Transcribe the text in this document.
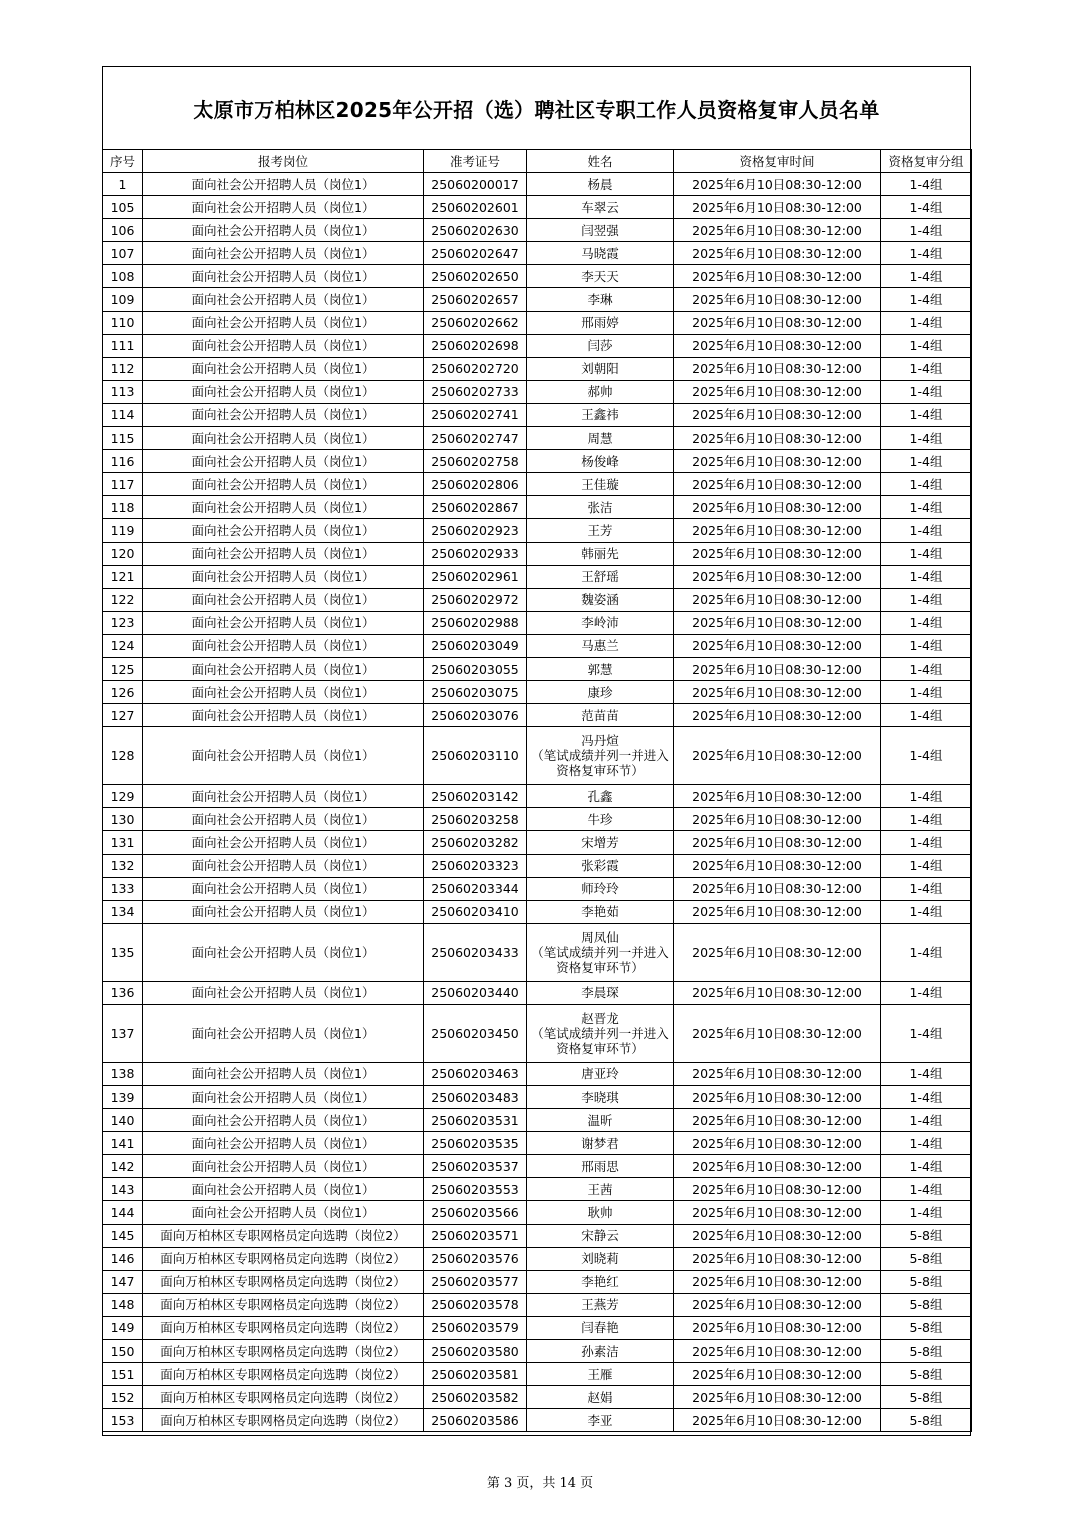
太原市万柏林区2025年公开招（选）聘社区专职工作人员资格复审人员名单
序号	报考岗位	准考证号	姓名	资格复审时间	资格复审分组
1	面向社会公开招聘人员（岗位1）	25060200017	杨晨	2025年6月10日08:30-12:00	1-4组
105	面向社会公开招聘人员（岗位1）	25060202601	车翠云	2025年6月10日08:30-12:00	1-4组
106	面向社会公开招聘人员（岗位1）	25060202630	闫翌强	2025年6月10日08:30-12:00	1-4组
107	面向社会公开招聘人员（岗位1）	25060202647	马晓霞	2025年6月10日08:30-12:00	1-4组
108	面向社会公开招聘人员（岗位1）	25060202650	李天天	2025年6月10日08:30-12:00	1-4组
109	面向社会公开招聘人员（岗位1）	25060202657	李琳	2025年6月10日08:30-12:00	1-4组
110	面向社会公开招聘人员（岗位1）	25060202662	邢雨婷	2025年6月10日08:30-12:00	1-4组
111	面向社会公开招聘人员（岗位1）	25060202698	闫莎	2025年6月10日08:30-12:00	1-4组
112	面向社会公开招聘人员（岗位1）	25060202720	刘朝阳	2025年6月10日08:30-12:00	1-4组
113	面向社会公开招聘人员（岗位1）	25060202733	郝帅	2025年6月10日08:30-12:00	1-4组
114	面向社会公开招聘人员（岗位1）	25060202741	王鑫祎	2025年6月10日08:30-12:00	1-4组
115	面向社会公开招聘人员（岗位1）	25060202747	周慧	2025年6月10日08:30-12:00	1-4组
116	面向社会公开招聘人员（岗位1）	25060202758	杨俊峰	2025年6月10日08:30-12:00	1-4组
117	面向社会公开招聘人员（岗位1）	25060202806	王佳璇	2025年6月10日08:30-12:00	1-4组
118	面向社会公开招聘人员（岗位1）	25060202867	张洁	2025年6月10日08:30-12:00	1-4组
119	面向社会公开招聘人员（岗位1）	25060202923	王芳	2025年6月10日08:30-12:00	1-4组
120	面向社会公开招聘人员（岗位1）	25060202933	韩丽先	2025年6月10日08:30-12:00	1-4组
121	面向社会公开招聘人员（岗位1）	25060202961	王舒瑶	2025年6月10日08:30-12:00	1-4组
122	面向社会公开招聘人员（岗位1）	25060202972	魏姿涵	2025年6月10日08:30-12:00	1-4组
123	面向社会公开招聘人员（岗位1）	25060202988	李岭沛	2025年6月10日08:30-12:00	1-4组
124	面向社会公开招聘人员（岗位1）	25060203049	马惠兰	2025年6月10日08:30-12:00	1-4组
125	面向社会公开招聘人员（岗位1）	25060203055	郭慧	2025年6月10日08:30-12:00	1-4组
126	面向社会公开招聘人员（岗位1）	25060203075	康珍	2025年6月10日08:30-12:00	1-4组
127	面向社会公开招聘人员（岗位1）	25060203076	范苗苗	2025年6月10日08:30-12:00	1-4组
128	面向社会公开招聘人员（岗位1）	25060203110	冯丹煊
（笔试成绩并列一并进入
资格复审环节）	2025年6月10日08:30-12:00	1-4组
129	面向社会公开招聘人员（岗位1）	25060203142	孔鑫	2025年6月10日08:30-12:00	1-4组
130	面向社会公开招聘人员（岗位1）	25060203258	牛珍	2025年6月10日08:30-12:00	1-4组
131	面向社会公开招聘人员（岗位1）	25060203282	宋增芳	2025年6月10日08:30-12:00	1-4组
132	面向社会公开招聘人员（岗位1）	25060203323	张彩霞	2025年6月10日08:30-12:00	1-4组
133	面向社会公开招聘人员（岗位1）	25060203344	师玲玲	2025年6月10日08:30-12:00	1-4组
134	面向社会公开招聘人员（岗位1）	25060203410	李艳茹	2025年6月10日08:30-12:00	1-4组
135	面向社会公开招聘人员（岗位1）	25060203433	周凤仙
（笔试成绩并列一并进入
资格复审环节）	2025年6月10日08:30-12:00	1-4组
136	面向社会公开招聘人员（岗位1）	25060203440	李晨琛	2025年6月10日08:30-12:00	1-4组
137	面向社会公开招聘人员（岗位1）	25060203450	赵晋龙
（笔试成绩并列一并进入
资格复审环节）	2025年6月10日08:30-12:00	1-4组
138	面向社会公开招聘人员（岗位1）	25060203463	唐亚玲	2025年6月10日08:30-12:00	1-4组
139	面向社会公开招聘人员（岗位1）	25060203483	李晓琪	2025年6月10日08:30-12:00	1-4组
140	面向社会公开招聘人员（岗位1）	25060203531	温昕	2025年6月10日08:30-12:00	1-4组
141	面向社会公开招聘人员（岗位1）	25060203535	谢梦君	2025年6月10日08:30-12:00	1-4组
142	面向社会公开招聘人员（岗位1）	25060203537	邢雨思	2025年6月10日08:30-12:00	1-4组
143	面向社会公开招聘人员（岗位1）	25060203553	王茜	2025年6月10日08:30-12:00	1-4组
144	面向社会公开招聘人员（岗位1）	25060203566	耿帅	2025年6月10日08:30-12:00	1-4组
145	面向万柏林区专职网格员定向选聘（岗位2）	25060203571	宋静云	2025年6月10日08:30-12:00	5-8组
146	面向万柏林区专职网格员定向选聘（岗位2）	25060203576	刘晓莉	2025年6月10日08:30-12:00	5-8组
147	面向万柏林区专职网格员定向选聘（岗位2）	25060203577	李艳红	2025年6月10日08:30-12:00	5-8组
148	面向万柏林区专职网格员定向选聘（岗位2）	25060203578	王燕芳	2025年6月10日08:30-12:00	5-8组
149	面向万柏林区专职网格员定向选聘（岗位2）	25060203579	闫春艳	2025年6月10日08:30-12:00	5-8组
150	面向万柏林区专职网格员定向选聘（岗位2）	25060203580	孙素洁	2025年6月10日08:30-12:00	5-8组
151	面向万柏林区专职网格员定向选聘（岗位2）	25060203581	王雁	2025年6月10日08:30-12:00	5-8组
152	面向万柏林区专职网格员定向选聘（岗位2）	25060203582	赵娟	2025年6月10日08:30-12:00	5-8组
153	面向万柏林区专职网格员定向选聘（岗位2）	25060203586	李亚	2025年6月10日08:30-12:00	5-8组
第 3 页，共 14 页
